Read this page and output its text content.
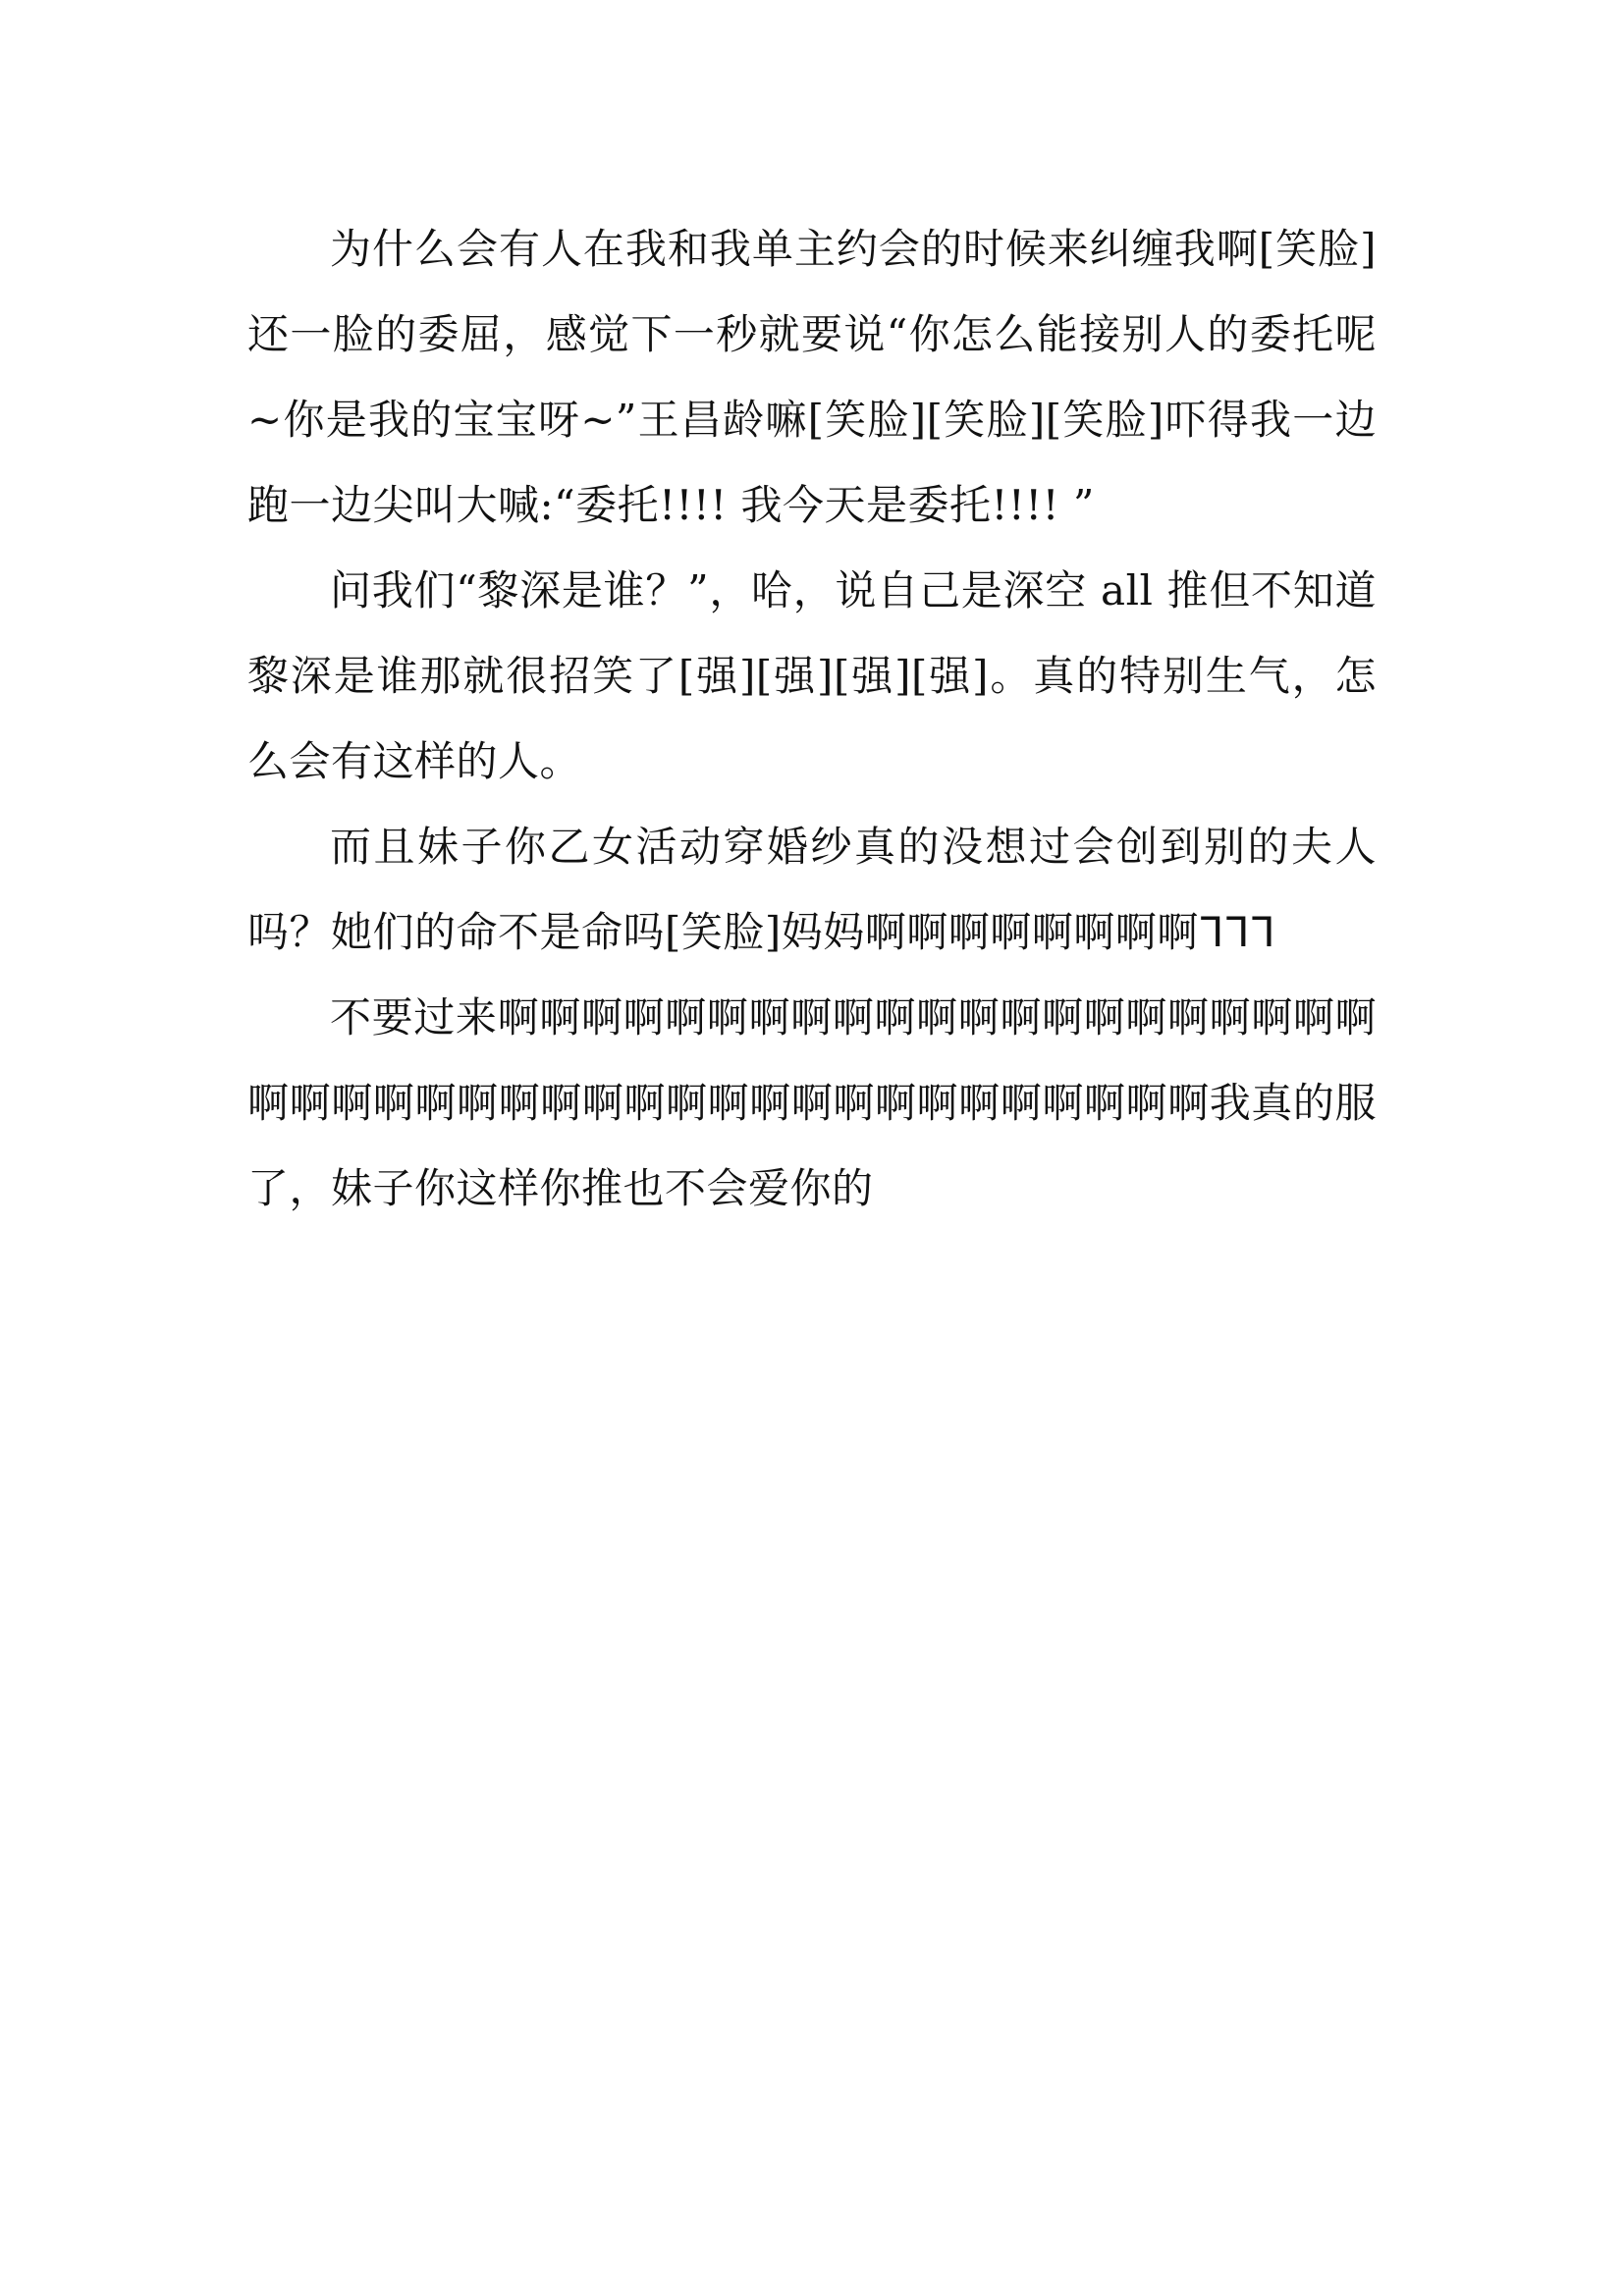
为什么会有人在我和我单主约会的时候来纠缠我啊[笑脸]还一脸的委屈，感觉下一秒就要说“你怎么能接别人的委托呢~你是我的宝宝呀~”王昌龄嘛[笑脸][笑脸][笑脸]吓得我一边跑一边尖叫大喊:“委托!!!! 我今天是委托!!!! ”

问我们“黎深是谁？”，哈，说自己是深空 all 推但不知道黎深是谁那就很招笑了[强][强][强][强]。真的特别生气，怎么会有这样的人。

而且妹子你乙女活动穿婚纱真的没想过会创到别的夫人吗？她们的命不是命吗[笑脸]妈妈啊啊啊啊啊啊啊啊ᒣᒣᒣ

不要过来啊啊啊啊啊啊啊啊啊啊啊啊啊啊啊啊啊啊啊啊啊啊啊啊啊啊啊啊啊啊啊啊啊啊啊啊啊啊啊啊啊啊啊啊我真的服了，妹子你这样你推也不会爱你的
